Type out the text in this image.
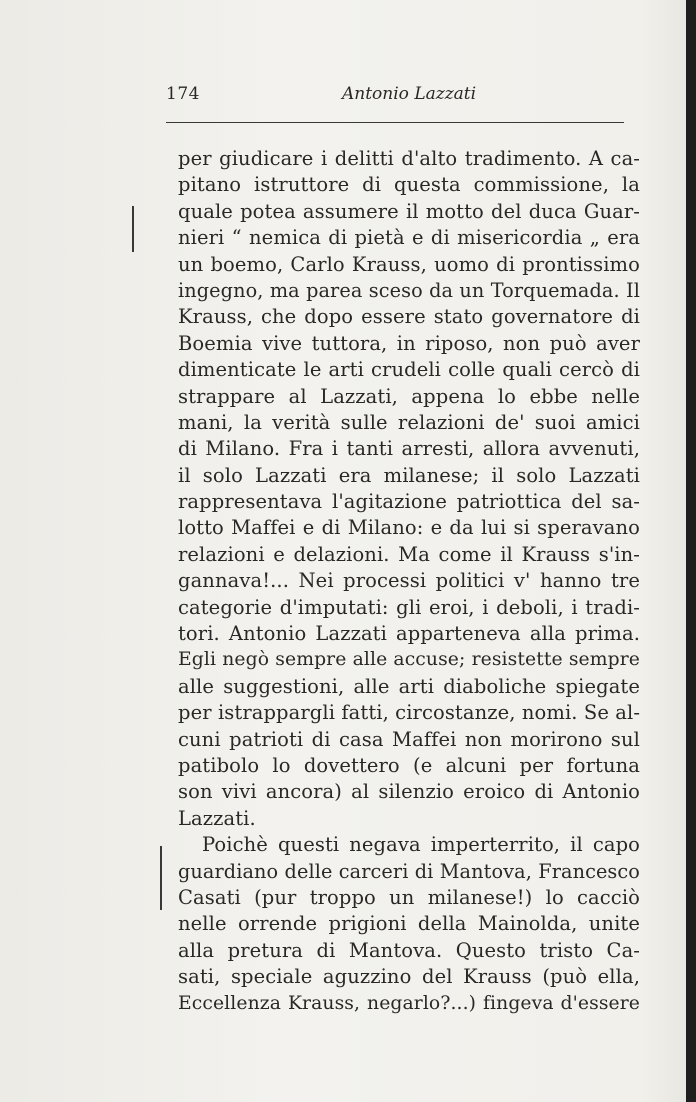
174	Antonio Lazzati
per giudicare i delitti d'alto tradimento. A ca-
pitano istruttore di questa commissione, la
quale potea assumere il motto del duca Guar-
nieri “ nemica di pietà e di misericordia „ era
un boemo, Carlo Krauss, uomo di prontissimo
ingegno, ma parea sceso da un Torquemada. Il
Krauss, che dopo essere stato governatore di
Boemia vive tuttora, in riposo, non può aver
dimenticate le arti crudeli colle quali cercò di
strappare al Lazzati, appena lo ebbe nelle
mani, la verità sulle relazioni de' suoi amici
di Milano. Fra i tanti arresti, allora avvenuti,
il solo Lazzati era milanese; il solo Lazzati
rappresentava l'agitazione patriottica del sa-
lotto Maffei e di Milano: e da lui si speravano
relazioni e delazioni. Ma come il Krauss s'in-
gannava!... Nei processi politici v' hanno tre
categorie d'imputati: gli eroi, i deboli, i tradi-
tori. Antonio Lazzati apparteneva alla prima.
Egli negò sempre alle accuse; resistette sempre
alle suggestioni, alle arti diaboliche spiegate
per istrappargli fatti, circostanze, nomi. Se al-
cuni patrioti di casa Maffei non morirono sul
patibolo lo dovettero (e alcuni per fortuna
son vivi ancora) al silenzio eroico di Antonio
Lazzati.
Poichè questi negava imperterrito, il capo
guardiano delle carceri di Mantova, Francesco
Casati (pur troppo un milanese!) lo cacciò
nelle orrende prigioni della Mainolda, unite
alla pretura di Mantova. Questo tristo Ca-
sati, speciale aguzzino del Krauss (può ella,
Eccellenza Krauss, negarlo?...) fingeva d'essere
